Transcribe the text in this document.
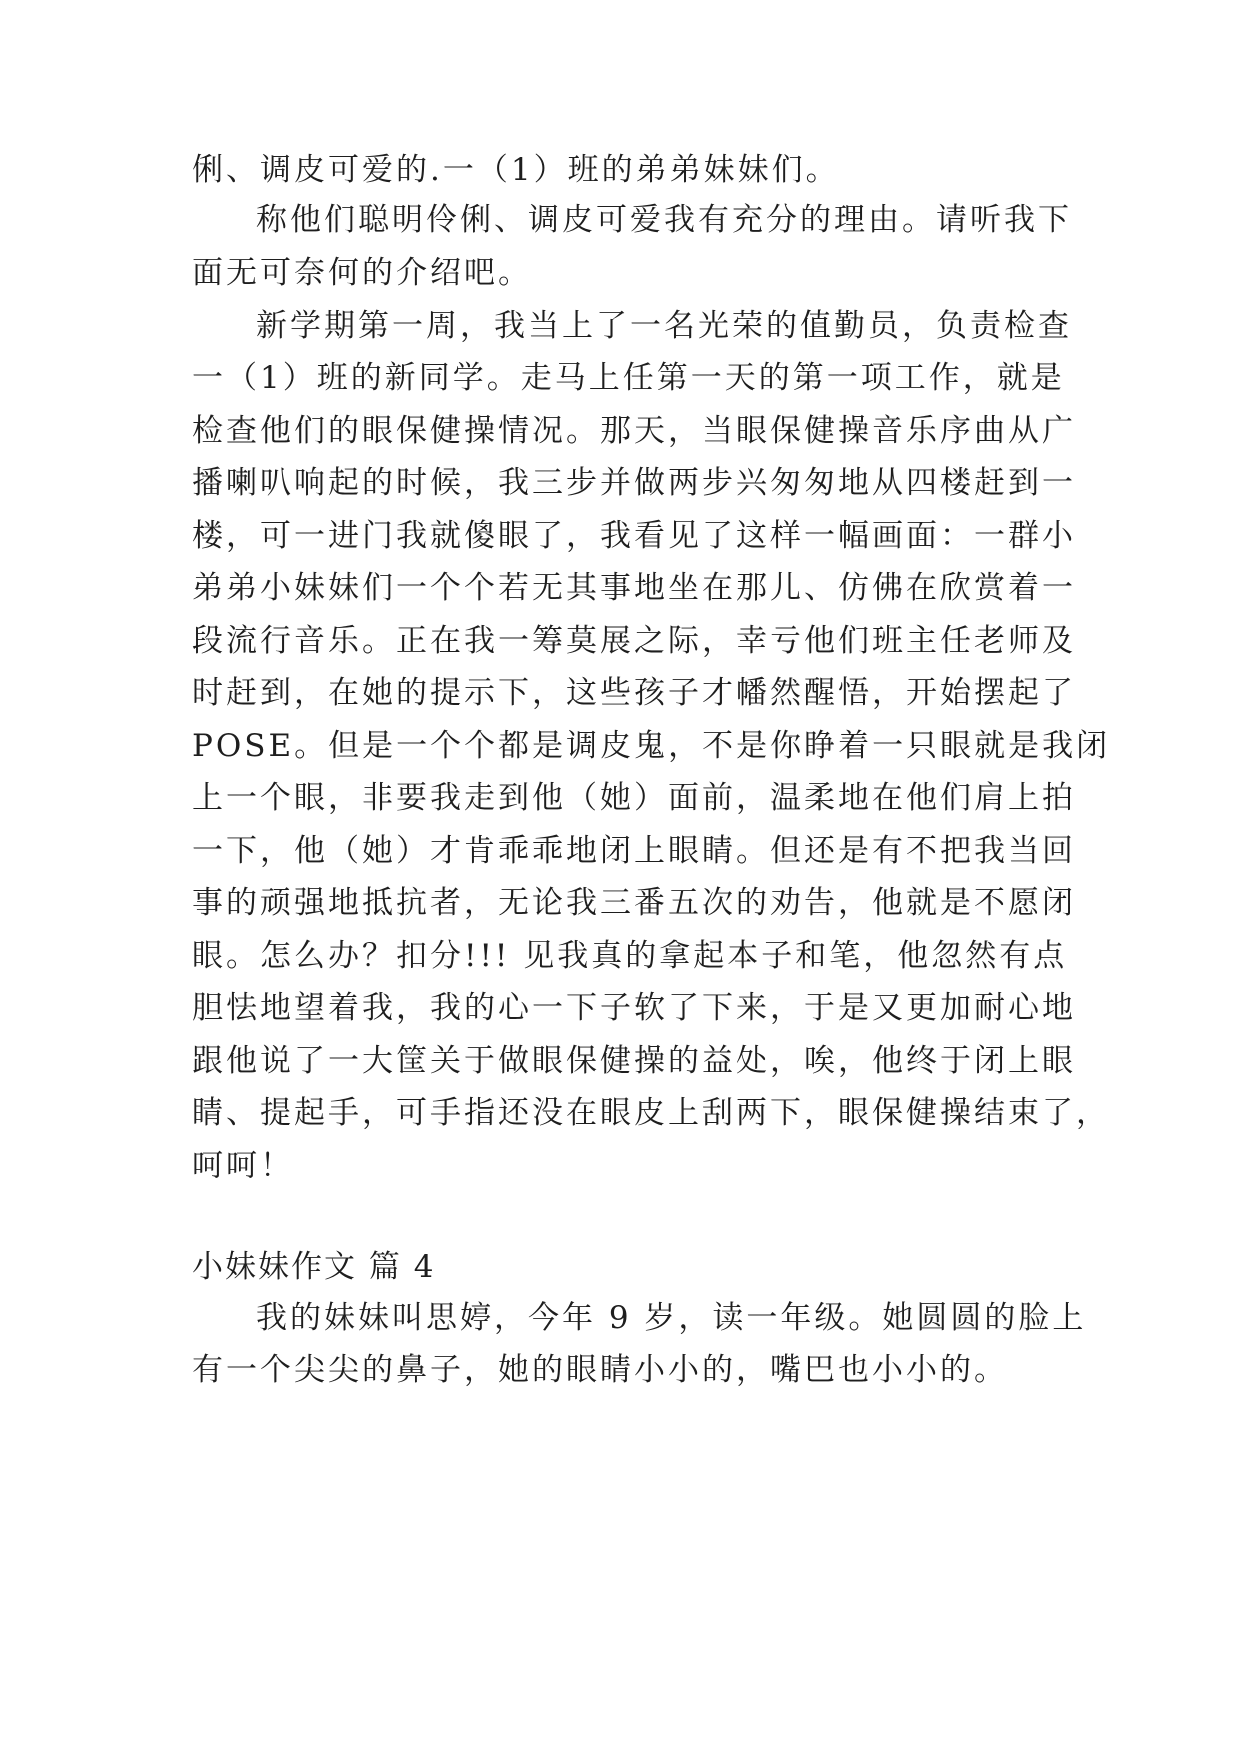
俐、调皮可爱的.一（1）班的弟弟妹妹们。
称他们聪明伶俐、调皮可爱我有充分的理由。请听我下
面无可奈何的介绍吧。
新学期第一周，我当上了一名光荣的值勤员，负责检查
一（1）班的新同学。走马上任第一天的第一项工作，就是
检查他们的眼保健操情况。那天，当眼保健操音乐序曲从广
播喇叭响起的时候，我三步并做两步兴匆匆地从四楼赶到一
楼，可一进门我就傻眼了，我看见了这样一幅画面：一群小
弟弟小妹妹们一个个若无其事地坐在那儿、仿佛在欣赏着一
段流行音乐。正在我一筹莫展之际，幸亏他们班主任老师及
时赶到，在她的提示下，这些孩子才幡然醒悟，开始摆起了
POSE。但是一个个都是调皮鬼，不是你睁着一只眼就是我闭
上一个眼，非要我走到他（她）面前，温柔地在他们肩上拍
一下，他（她）才肯乖乖地闭上眼睛。但还是有不把我当回
事的顽强地抵抗者，无论我三番五次的劝告，他就是不愿闭
眼。怎么办？扣分!!! 见我真的拿起本子和笔，他忽然有点
胆怯地望着我，我的心一下子软了下来，于是又更加耐心地
跟他说了一大筐关于做眼保健操的益处，唉，他终于闭上眼
睛、提起手，可手指还没在眼皮上刮两下，眼保健操结束了，
呵呵！
小妹妹作文 篇 4
我的妹妹叫思婷，今年 9 岁，读一年级。她圆圆的脸上
有一个尖尖的鼻子，她的眼睛小小的，嘴巴也小小的。
